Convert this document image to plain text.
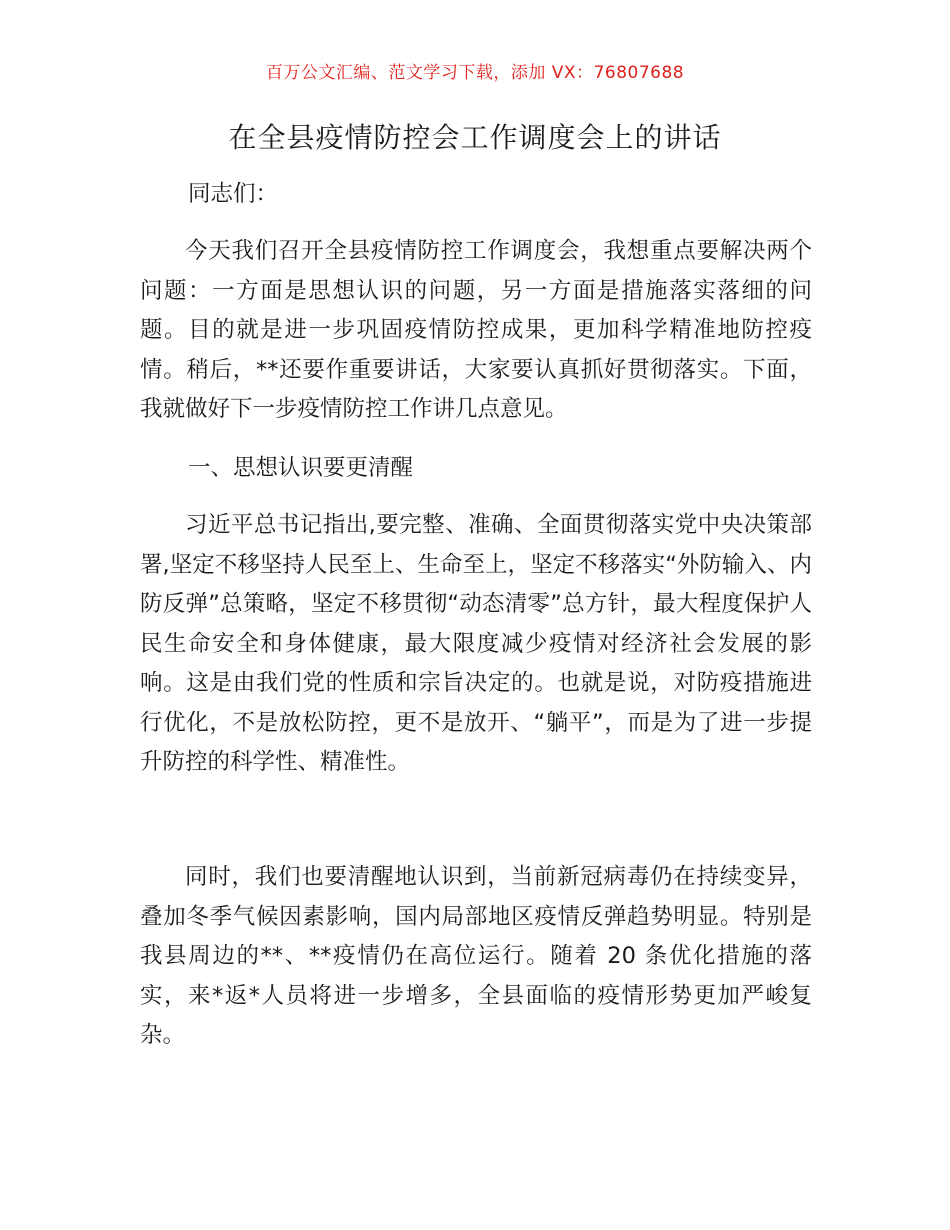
百万公文汇编、范文学习下载，添加 VX：76807688
在全县疫情防控会工作调度会上的讲话

同志们：

今天我们召开全县疫情防控工作调度会，我想重点要解决两个问题：一方面是思想认识的问题，另一方面是措施落实落细的问题。目的就是进一步巩固疫情防控成果，更加科学精准地防控疫情。稍后，**还要作重要讲话，大家要认真抓好贯彻落实。下面，我就做好下一步疫情防控工作讲几点意见。

一、思想认识要更清醒

习近平总书记指出,要完整、准确、全面贯彻落实党中央决策部署,坚定不移坚持人民至上、生命至上，坚定不移落实“外防输入、内防反弹”总策略，坚定不移贯彻“动态清零”总方针，最大程度保护人民生命安全和身体健康，最大限度减少疫情对经济社会发展的影响。这是由我们党的性质和宗旨决定的。也就是说，对防疫措施进行优化，不是放松防控，更不是放开、“躺平”，而是为了进一步提升防控的科学性、精准性。

同时，我们也要清醒地认识到，当前新冠病毒仍在持续变异，叠加冬季气候因素影响，国内局部地区疫情反弹趋势明显。特别是我县周边的**、**疫情仍在高位运行。随着 20 条优化措施的落实，来*返*人员将进一步增多，全县面临的疫情形势更加严峻复杂。
